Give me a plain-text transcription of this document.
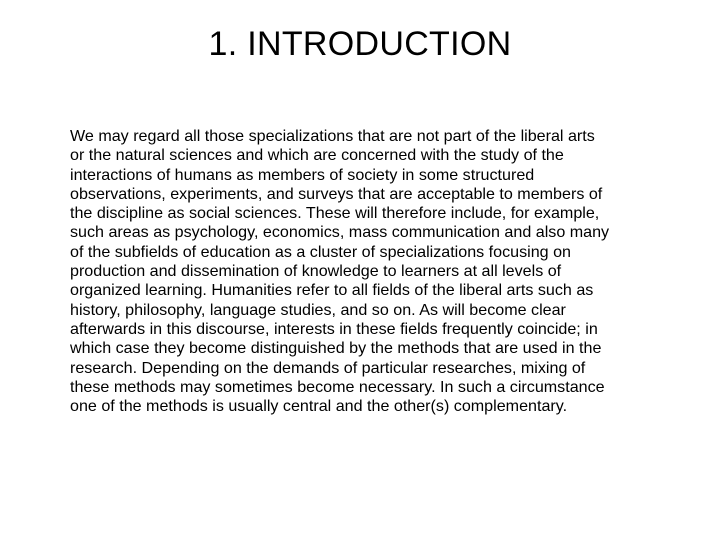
1. INTRODUCTION

We may regard all those specializations that are not part of the liberal arts
or the natural sciences and which are concerned with the study of the
interactions of humans as members of society in some structured
observations, experiments, and surveys that are acceptable to members of
the discipline as social sciences. These will therefore include, for example,
such areas as psychology, economics, mass communication and also many
of the subfields of education as a cluster of specializations focusing on
production and dissemination of knowledge to learners at all levels of
organized learning. Humanities refer to all fields of the liberal arts such as
history, philosophy, language studies, and so on. As will become clear
afterwards in this discourse, interests in these fields frequently coincide; in
which case they become distinguished by the methods that are used in the
research. Depending on the demands of particular researches, mixing of
these methods may sometimes become necessary. In such a circumstance
one of the methods is usually central and the other(s) complementary.
